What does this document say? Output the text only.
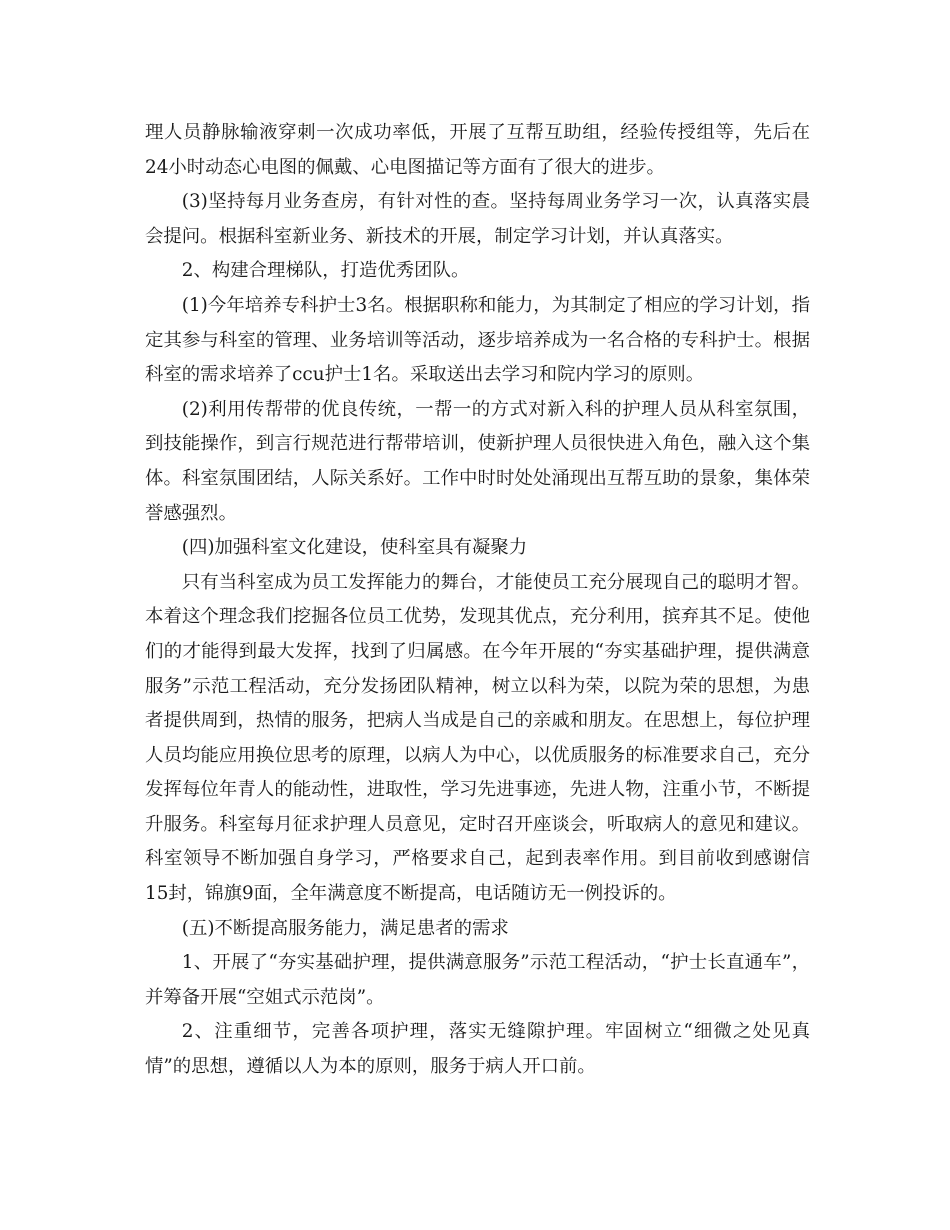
理人员静脉输液穿刺一次成功率低，开展了互帮互助组，经验传授组等，先后在24小时动态心电图的佩戴、心电图描记等方面有了很大的进步。

(3)坚持每月业务查房，有针对性的查。坚持每周业务学习一次，认真落实晨会提问。根据科室新业务、新技术的开展，制定学习计划，并认真落实。

2、构建合理梯队，打造优秀团队。

(1)今年培养专科护士3名。根据职称和能力，为其制定了相应的学习计划，指定其参与科室的管理、业务培训等活动，逐步培养成为一名合格的专科护士。根据科室的需求培养了ccu护士1名。采取送出去学习和院内学习的原则。

(2)利用传帮带的优良传统，一帮一的方式对新入科的护理人员从科室氛围，到技能操作，到言行规范进行帮带培训，使新护理人员很快进入角色，融入这个集体。科室氛围团结，人际关系好。工作中时时处处涌现出互帮互助的景象，集体荣誉感强烈。

(四)加强科室文化建设，使科室具有凝聚力

只有当科室成为员工发挥能力的舞台，才能使员工充分展现自己的聪明才智。本着这个理念我们挖掘各位员工优势，发现其优点，充分利用，摈弃其不足。使他们的才能得到最大发挥，找到了归属感。在今年开展的“夯实基础护理，提供满意服务”示范工程活动，充分发扬团队精神，树立以科为荣，以院为荣的思想，为患者提供周到，热情的服务，把病人当成是自己的亲戚和朋友。在思想上，每位护理人员均能应用换位思考的原理，以病人为中心，以优质服务的标准要求自己，充分发挥每位年青人的能动性，进取性，学习先进事迹，先进人物，注重小节，不断提升服务。科室每月征求护理人员意见，定时召开座谈会，听取病人的意见和建议。科室领导不断加强自身学习，严格要求自己，起到表率作用。到目前收到感谢信15封，锦旗9面，全年满意度不断提高，电话随访无一例投诉的。

(五)不断提高服务能力，满足患者的需求

1、开展了“夯实基础护理，提供满意服务”示范工程活动，“护士长直通车”，并筹备开展“空姐式示范岗”。

2、注重细节，完善各项护理，落实无缝隙护理。牢固树立“细微之处见真情”的思想，遵循以人为本的原则，服务于病人开口前。
